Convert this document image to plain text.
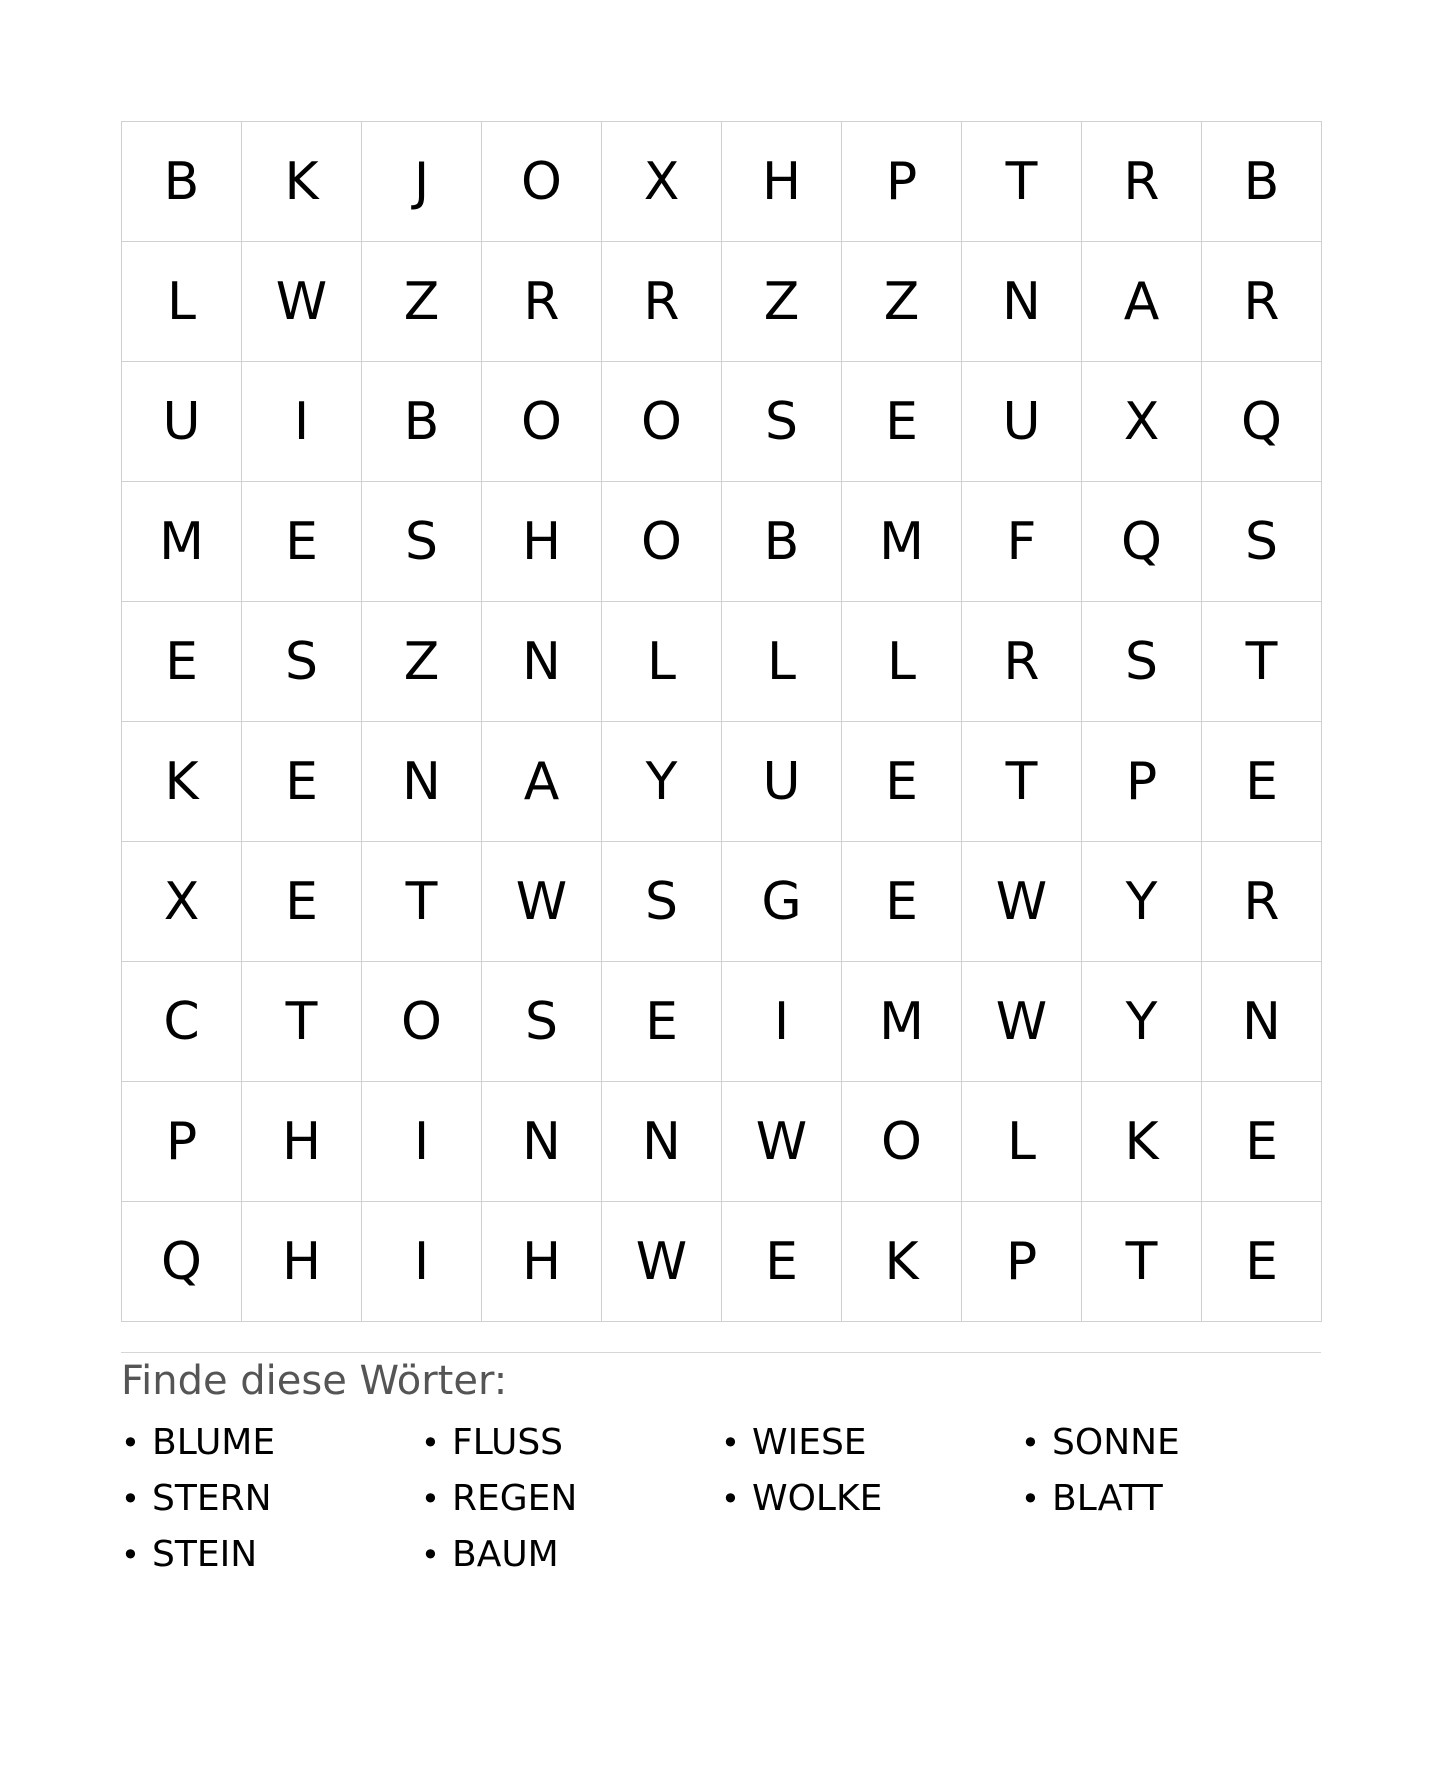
B	K	J	O	X	H	P	T	R	B
L	W	Z	R	R	Z	Z	N	A	R
U	I	B	O	O	S	E	U	X	Q
M	E	S	H	O	B	M	F	Q	S
E	S	Z	N	L	L	L	R	S	T
K	E	N	A	Y	U	E	T	P	E
X	E	T	W	S	G	E	W	Y	R
C	T	O	S	E	I	M	W	Y	N
P	H	I	N	N	W	O	L	K	E
Q	H	I	H	W	E	K	P	T	E
Finde diese Wörter:
• BLUME	• FLUSS	• WIESE	• SONNE
• STERN	• REGEN	• WOLKE	• BLATT
• STEIN	• BAUM
